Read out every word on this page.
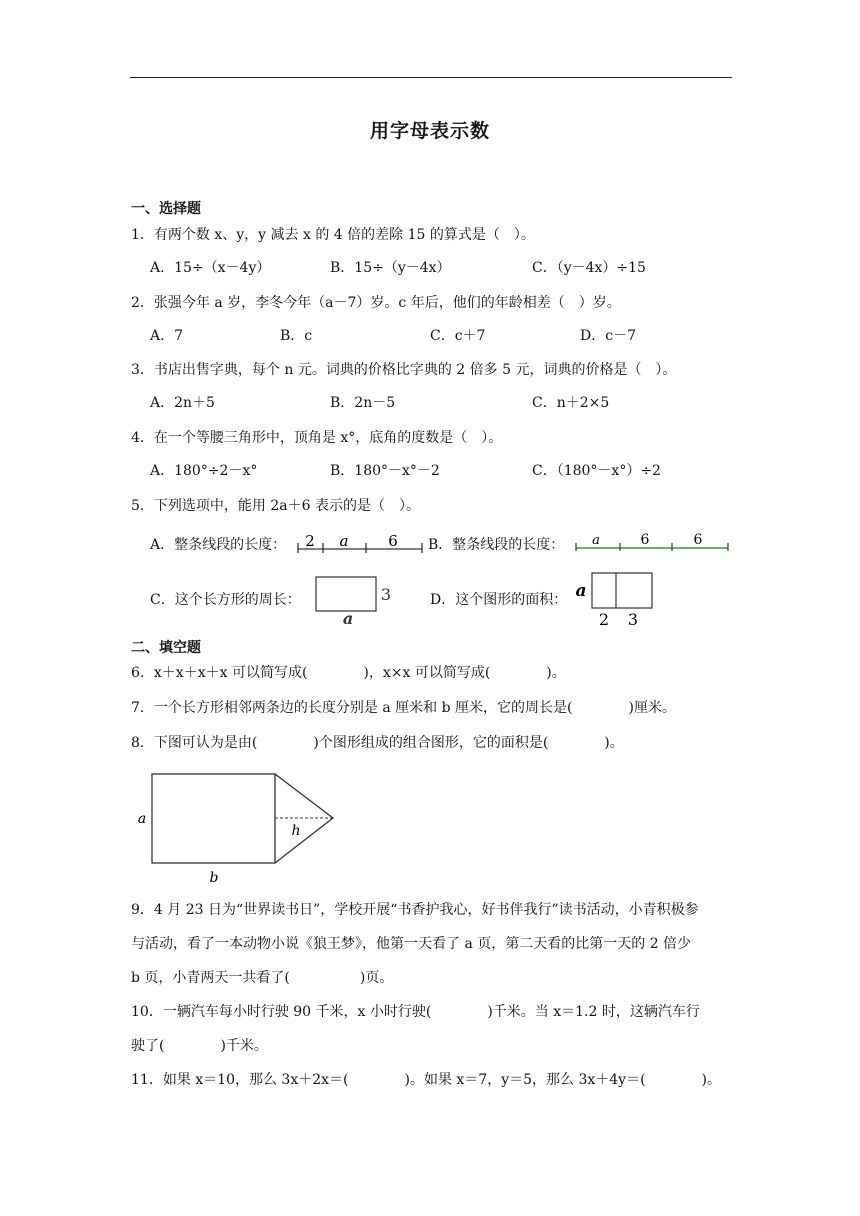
用字母表示数
一、选择题
1．有两个数 x、y，y 减去 x 的 4 倍的差除 15 的算式是（　）。
A．15÷（x－4y）	B．15÷（y－4x）	C．（y－4x）÷15
2．张强今年 a 岁，李冬今年（a－7）岁。c 年后，他们的年龄相差（　）岁。
A．7	B．c	C．c＋7	D．c－7
3．书店出售字典，每个 n 元。词典的价格比字典的 2 倍多 5 元，词典的价格是（　）。
A．2n＋5	B．2n－5	C．n＋2×5
4．在一个等腰三角形中，顶角是 x°，底角的度数是（　）。
A．180°÷2－x°	B．180°－x°－2	C．（180°－x°）÷2
5．下列选项中，能用 2a＋6 表示的是（　）。
A．整条线段的长度： 2 a	6 B．整条线段的长度： a	6	6
C．这个长方形的周长：	3
a
D．这个图形的面积： a
2 3
二、填空题
6．x＋x＋x＋x 可以简写成(　　　　)，x×x 可以简写成(　　　　)。
7．一个长方形相邻两条边的长度分别是 a 厘米和 b 厘米，它的周长是(　　　　)厘米。
8．下图可认为是由(　　　　)个图形组成的组合图形，它的面积是(　　　　)。
a
h
b
9．4 月 23 日为“世界读书日”，学校开展“书香护我心，好书伴我行”读书活动，小青积极参
与活动，看了一本动物小说《狼王梦》，他第一天看了 a 页，第二天看的比第一天的 2 倍少
b 页，小青两天一共看了(　　　　　)页。
10．一辆汽车每小时行驶 90 千米，x 小时行驶(　　　　)千米。当 x＝1.2 时，这辆汽车行
驶了(　　　　)千米。
11．如果 x＝10，那么 3x＋2x＝(　　　　)。如果 x＝7，y＝5，那么 3x＋4y＝(　　　　)。
